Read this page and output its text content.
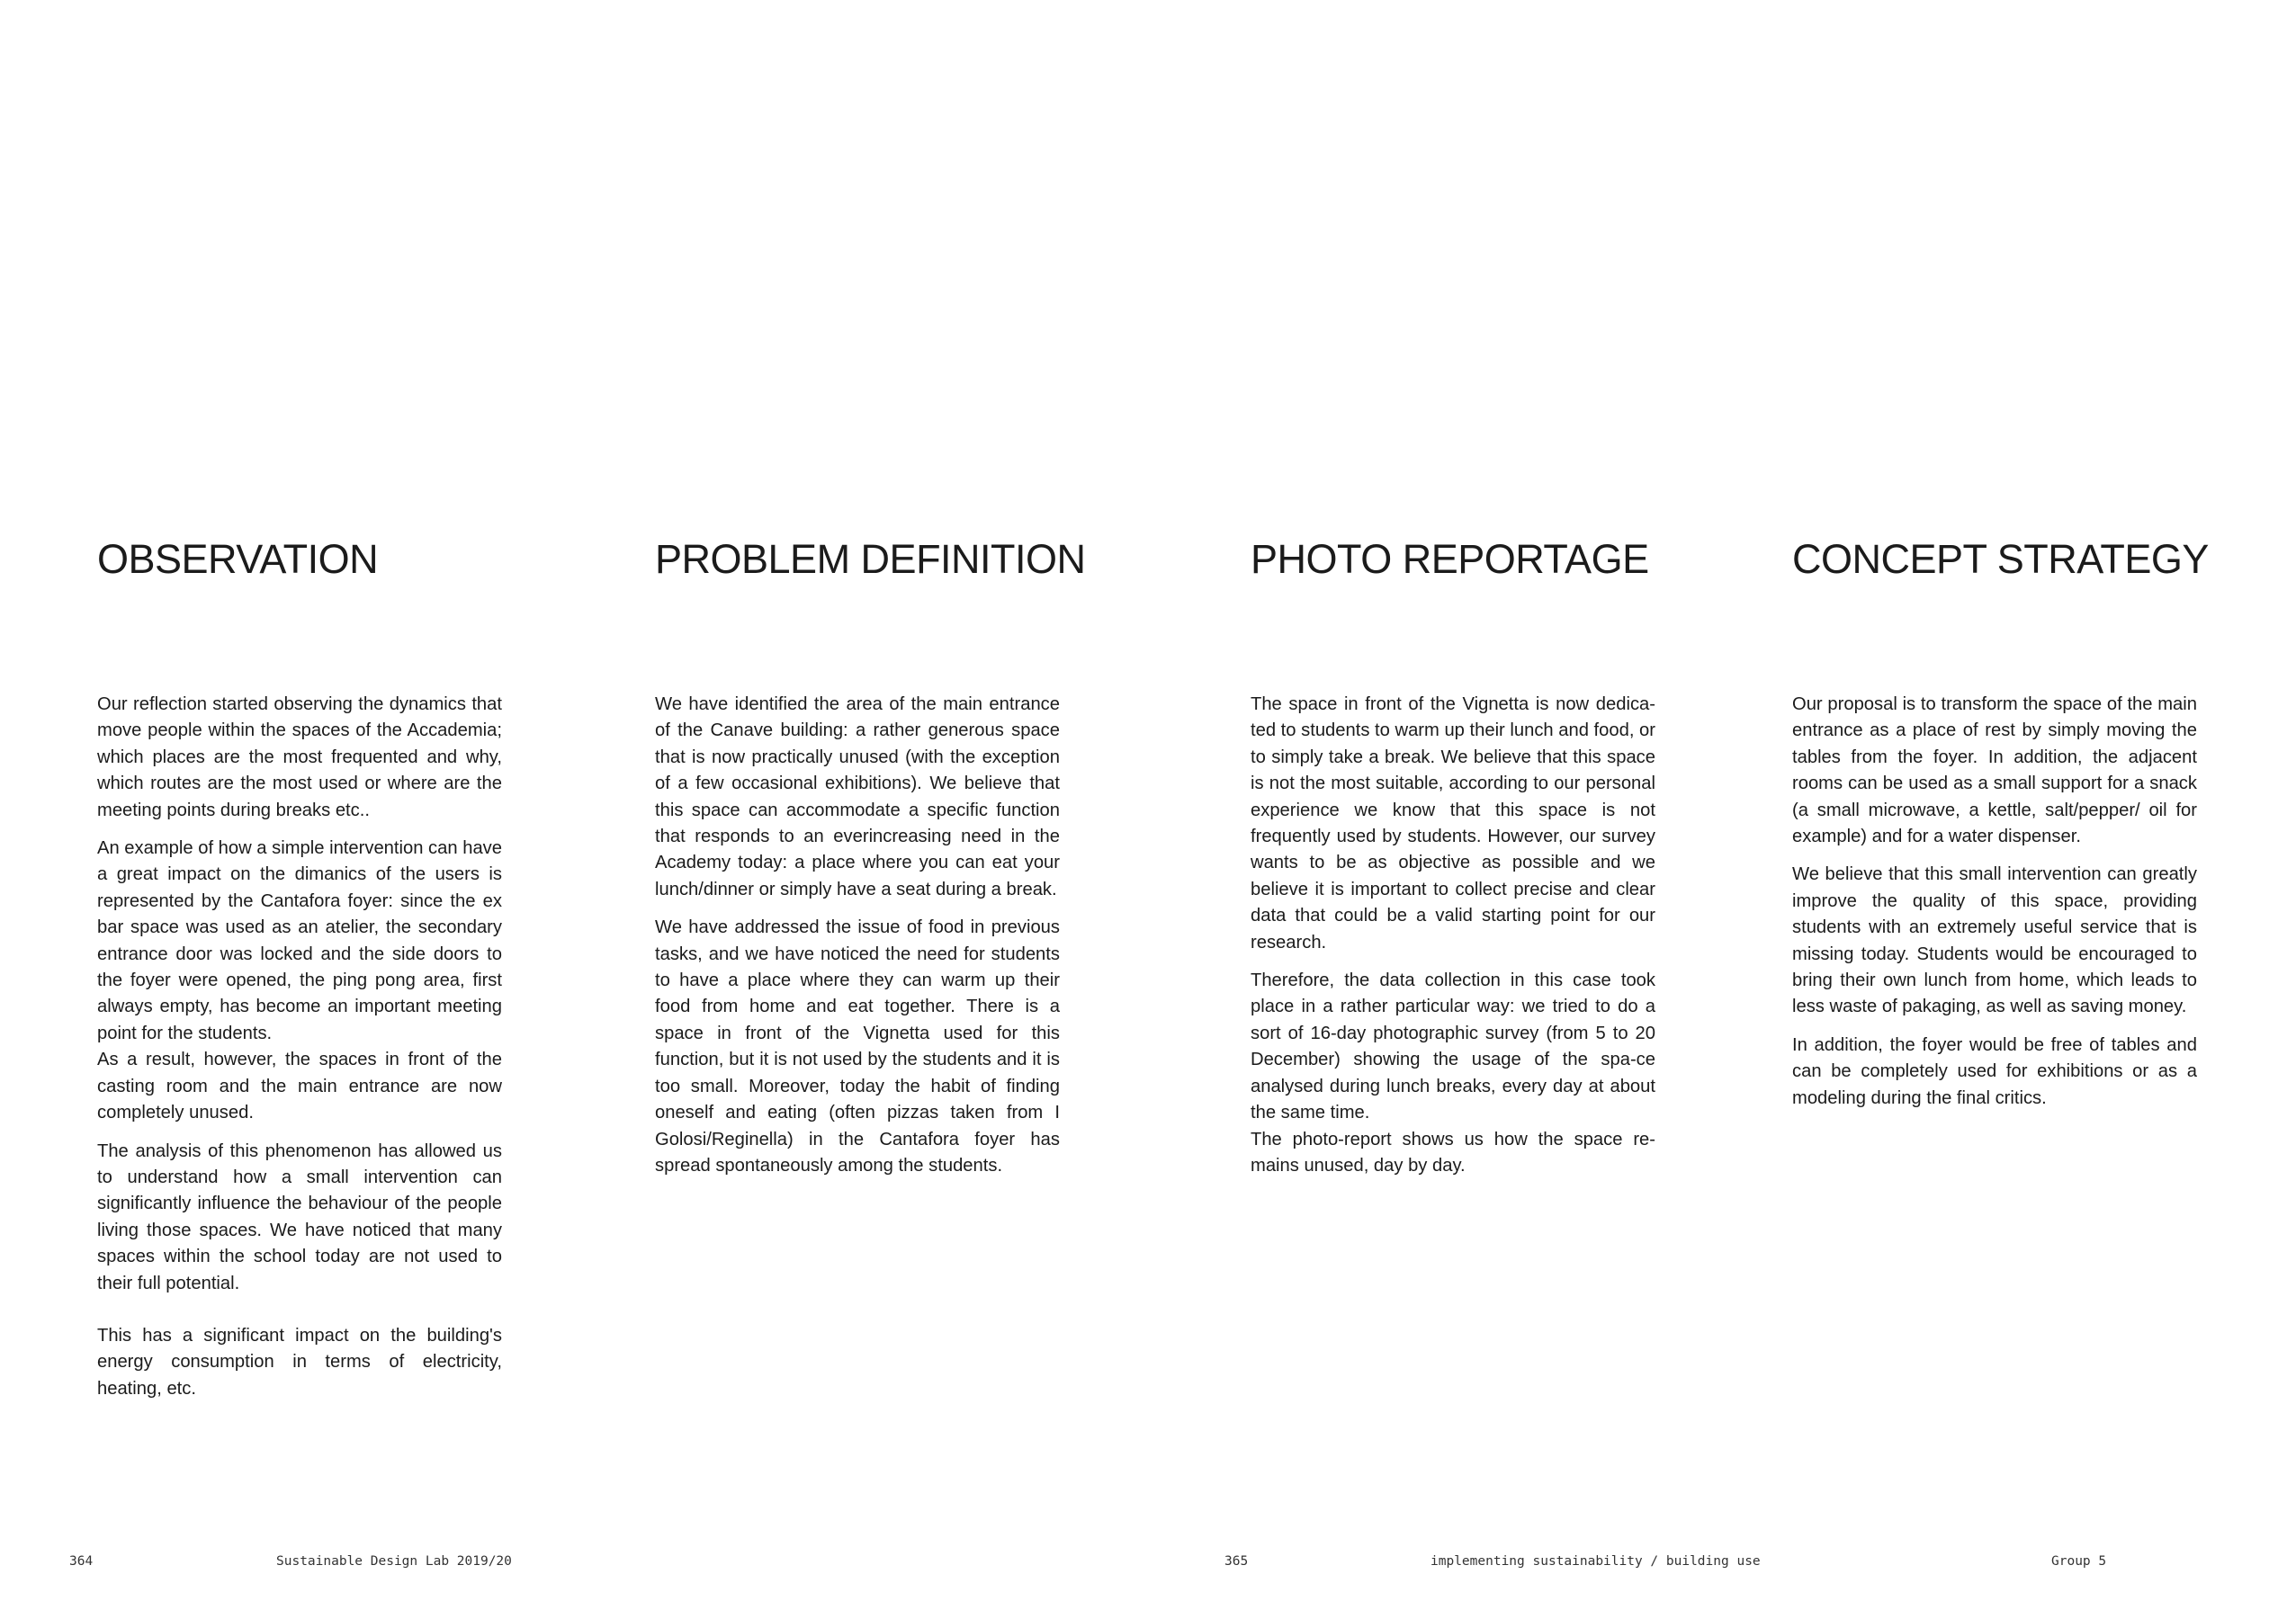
OBSERVATION

Our reflection started observing the dynamics that move people within the spaces of the Accademia; which places are the most frequented and why, which routes are the most used or where are the meeting points during breaks etc..

An example of how a simple intervention can have a great impact on the dimanics of the users is represented by the Cantafora foyer: since the ex bar space was used as an atelier, the secondary entrance door was locked and the side doors to the foyer were opened, the ping pong area, first always empty, has become an important meeting point for the students.
As a result, however, the spaces in front of the casting room and the main entrance are now completely unused.

The analysis of this phenomenon has allowed us to understand how a small intervention can significantly influence the behaviour of the people living those spaces. We have noticed that many spaces within the school today are not used to their full potential.

This has a significant impact on the building's energy consumption in terms of electricity, heating, etc.

PROBLEM DEFINITION

We have identified the area of the main entrance of the Canave building: a rather generous space that is now practically unused (with the exception of a few occasional exhibitions). We believe that this space can accommodate a specific function that responds to an everincreasing need in the Academy today: a place where you can eat your lunch/dinner or simply have a seat during a break.

We have addressed the issue of food in previous tasks, and we have noticed the need for students to have a place where they can warm up their food from home and eat together. There is a space in front of the Vignetta used for this function, but it is not used by the students and it is too small. Moreover, today the habit of finding oneself and eating (often pizzas taken from I Golosi/Reginella) in the Cantafora foyer has spread spontaneously among the students.

PHOTO REPORTAGE

The space in front of the Vignetta is now dedica-ted to students to warm up their lunch and food, or to simply take a break. We believe that this space is not the most suitable, according to our personal experience we know that this space is not frequently used by students. However, our survey wants to be as objective as possible and we believe it is important to collect precise and clear data that could be a valid starting point for our research.

Therefore, the data collection in this case took place in a rather particular way: we tried to do a sort of 16-day photographic survey (from 5 to 20 December) showing the usage of the spa-ce analysed during lunch breaks, every day at about the same time.
The photo-report shows us how the space re-mains unused, day by day.

CONCEPT STRATEGY

Our proposal is to transform the space of the main entrance as a place of rest by simply moving the tables from the foyer. In addition, the adjacent rooms can be used as a small support for a snack (a small microwave, a kettle, salt/pepper/ oil for example) and for a water dispenser.

We believe that this small intervention can greatly improve the quality of this space, providing students with an extremely useful service that is missing today. Students would be encouraged to bring their own lunch from home, which leads to less waste of pakaging, as well as saving money.

In addition, the foyer would be free of tables and can be completely used for exhibitions or as a modeling during the final critics.

364	Sustainable Design Lab 2019/20	365	implementing sustainability / building use	Group 5
